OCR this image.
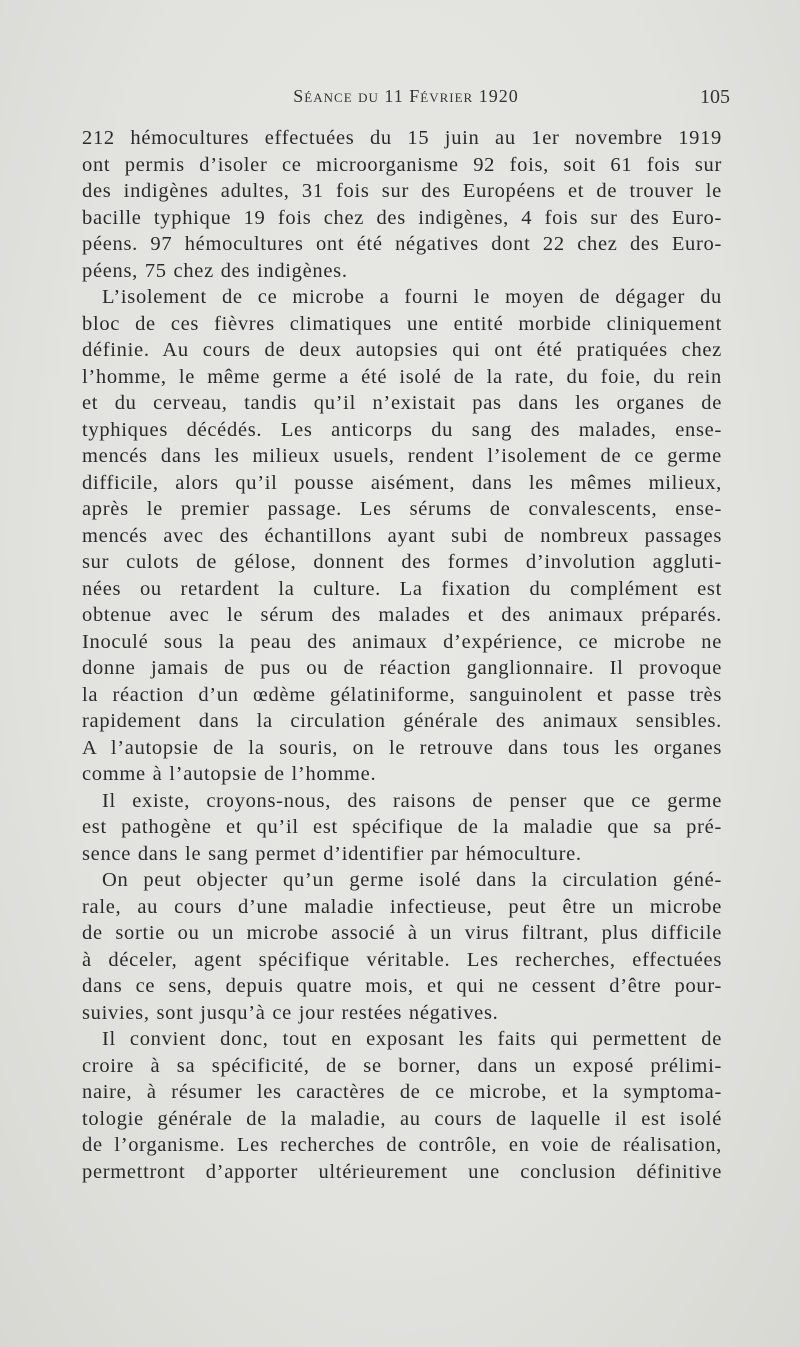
Séance du 11 Février 1920	105
212 hémocultures effectuées du 15 juin au 1er novembre 1919
ont permis d’isoler ce microorganisme 92 fois, soit 61 fois sur
des indigènes adultes, 31 fois sur des Européens et de trouver le
bacille typhique 19 fois chez des indigènes, 4 fois sur des Euro-
péens. 97 hémocultures ont été négatives dont 22 chez des Euro-
péens, 75 chez des indigènes.
L’isolement de ce microbe a fourni le moyen de dégager du
bloc de ces fièvres climatiques une entité morbide cliniquement
définie. Au cours de deux autopsies qui ont été pratiquées chez
l’homme, le même germe a été isolé de la rate, du foie, du rein
et du cerveau, tandis qu’il n’existait pas dans les organes de
typhiques décédés. Les anticorps du sang des malades, ense-
mencés dans les milieux usuels, rendent l’isolement de ce germe
difficile, alors qu’il pousse aisément, dans les mêmes milieux,
après le premier passage. Les sérums de convalescents, ense-
mencés avec des échantillons ayant subi de nombreux passages
sur culots de gélose, donnent des formes d’involution aggluti-
nées ou retardent la culture. La fixation du complément est
obtenue avec le sérum des malades et des animaux préparés.
Inoculé sous la peau des animaux d’expérience, ce microbe ne
donne jamais de pus ou de réaction ganglionnaire. Il provoque
la réaction d’un œdème gélatiniforme, sanguinolent et passe très
rapidement dans la circulation générale des animaux sensibles.
A l’autopsie de la souris, on le retrouve dans tous les organes
comme à l’autopsie de l’homme.
Il existe, croyons-nous, des raisons de penser que ce germe
est pathogène et qu’il est spécifique de la maladie que sa pré-
sence dans le sang permet d’identifier par hémoculture.
On peut objecter qu’un germe isolé dans la circulation géné-
rale, au cours d’une maladie infectieuse, peut être un microbe
de sortie ou un microbe associé à un virus filtrant, plus difficile
à déceler, agent spécifique véritable. Les recherches, effectuées
dans ce sens, depuis quatre mois, et qui ne cessent d’être pour-
suivies, sont jusqu’à ce jour restées négatives.
Il convient donc, tout en exposant les faits qui permettent de
croire à sa spécificité, de se borner, dans un exposé prélimi-
naire, à résumer les caractères de ce microbe, et la symptoma-
tologie générale de la maladie, au cours de laquelle il est isolé
de l’organisme. Les recherches de contrôle, en voie de réalisation,
permettront d’apporter ultérieurement une conclusion définitive
